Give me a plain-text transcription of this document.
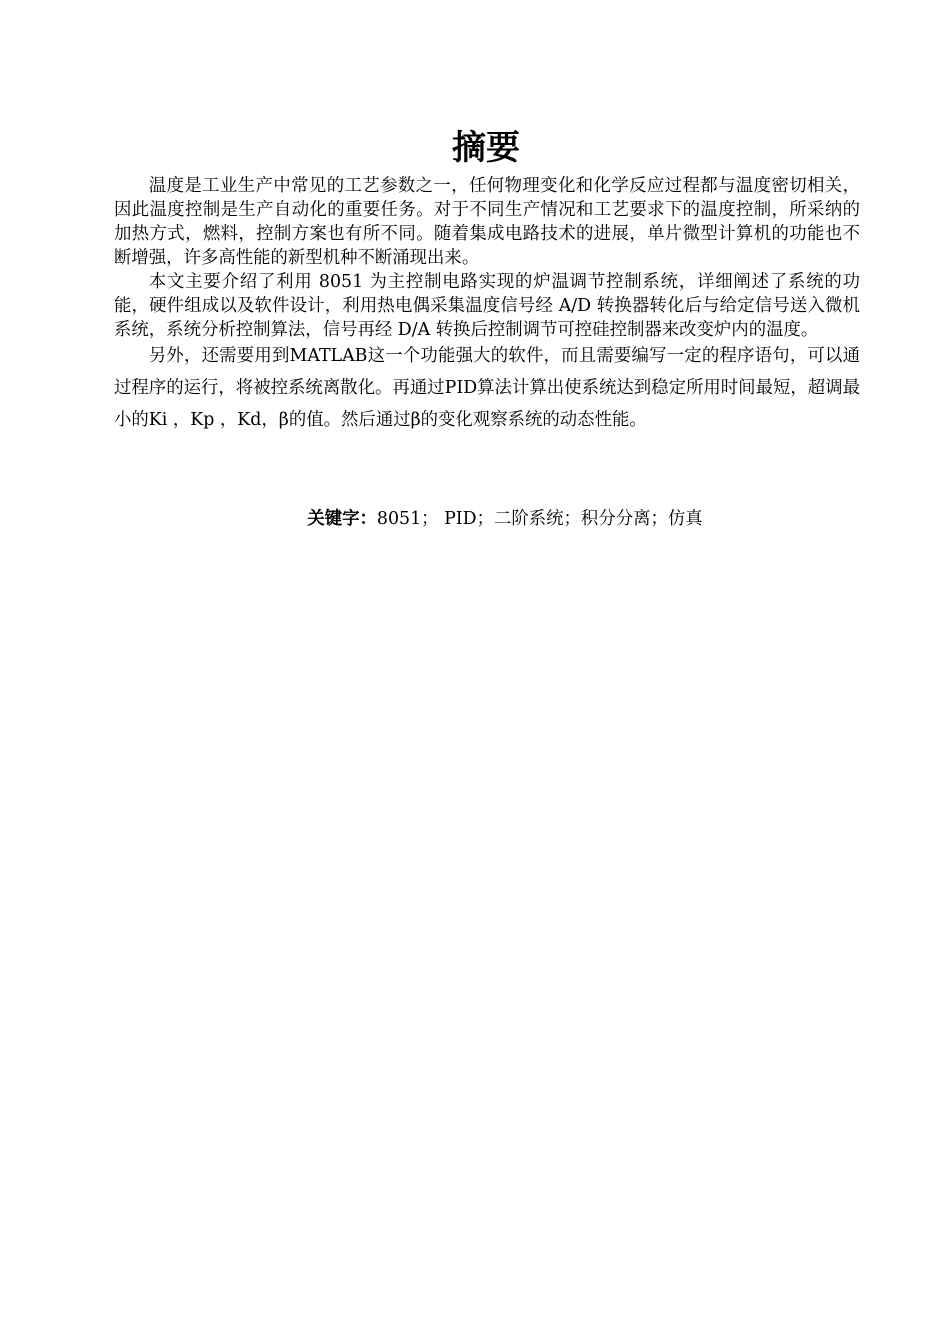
摘要

温度是工业生产中常见的工艺参数之一，任何物理变化和化学反应过程都与温度密切相关，因此温度控制是生产自动化的重要任务。对于不同生产情况和工艺要求下的温度控制，所采纳的加热方式，燃料，控制方案也有所不同。随着集成电路技术的进展，单片微型计算机的功能也不断增强，许多高性能的新型机种不断涌现出来。

本文主要介绍了利用 8051 为主控制电路实现的炉温调节控制系统，详细阐述了系统的功能，硬件组成以及软件设计，利用热电偶采集温度信号经 A/D 转换器转化后与给定信号送入微机系统，系统分析控制算法，信号再经 D/A 转换后控制调节可控硅控制器来改变炉内的温度。

另外，还需要用到MATLAB这一个功能强大的软件，而且需要编写一定的程序语句，可以通过程序的运行，将被控系统离散化。再通过PID算法计算出使系统达到稳定所用时间最短，超调最小的Ki ，Kp ，Kd，β的值。然后通过β的变化观察系统的动态性能。

关键字：8051； PID；二阶系统；积分分离；仿真
